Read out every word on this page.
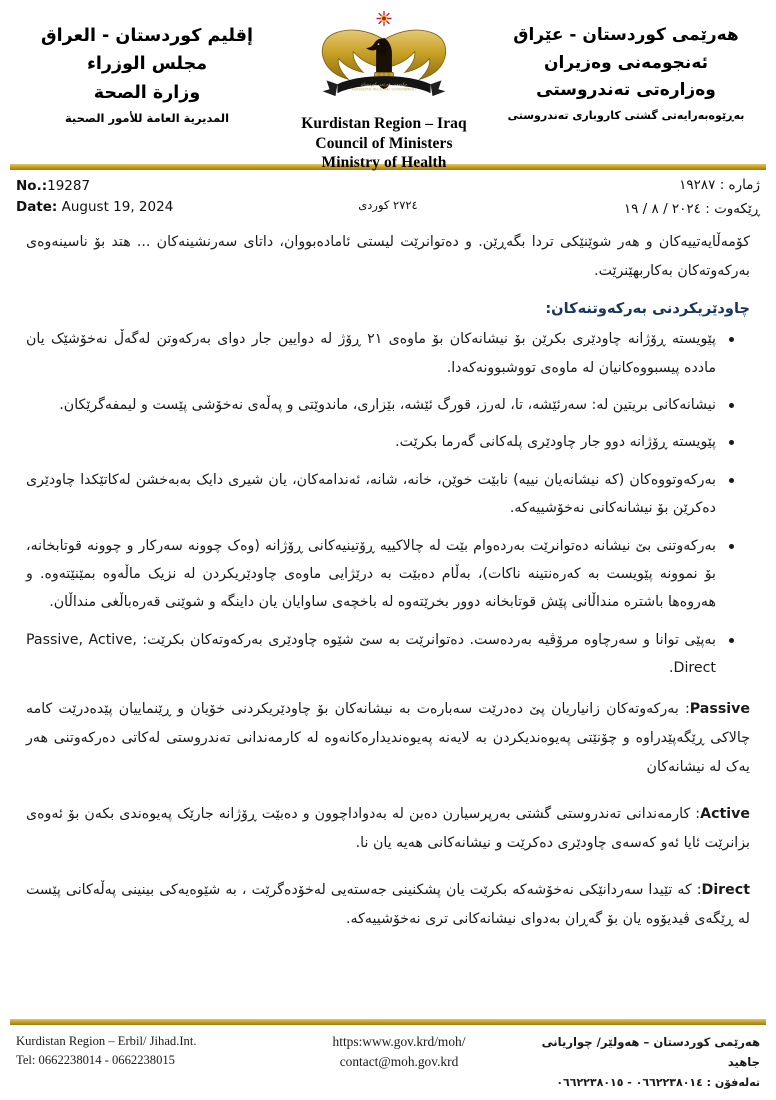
هەرێمی کوردستان - عێراق
ئەنجومەنی وەزیران
وەزارەتی تەندروستی
بەڕێوەبەرایەتی گشتی کاروباری تەندروستی
حکومەتی هەرێمی کوردستان
KURDISTAN REGIONAL GOVERNMENT
Kurdistan Region – Iraq
Council of Ministers
Ministry of Health
إقليم كوردستان - العراق
مجلس الوزراء
وزارة الصحة
المديرية العامة للأمور الصحية
No.:19287
Date: August 19, 2024	٢٧٢٤ کوردی
ژماره : ١٩٢٨٧
ڕێکەوت : ٢٠٢٤ / ٨ / ١٩

کۆمەڵایەتییەکان و هەر شوێنێکی تردا بگەڕێن. و دەتوانرێت لیستی ئامادەبووان، داتای سەرنشینەکان ... هتد بۆ ناسینەوەی بەرکەوتەکان بەکاربهێنرێت.

چاودێریکردنی بەرکەوتنەکان:
پێویسته ڕۆژانه چاودێری بکرێن بۆ نیشانەکان بۆ ماوەی ٢١ ڕۆژ له دوایین جار دوای بەرکەوتن لەگەڵ نەخۆشێک یان ماددە پیسبووەکانیان له ماوەی تووشبوونەکەدا.
نیشانەکانی بریتین له: سەرئێشه، تا، لەرز، قورگ ئێشه، بێزاری، ماندوێتی و پەڵەی نەخۆشی پێست و لیمفەگرێکان.
پێویسته ڕۆژانه دوو جار چاودێری پلەکانی گەرما بکرێت.
بەرکەوتووەکان (که نیشانەیان نییه) نابێت خوێن، خانه، شانه، ئەندامەکان، یان شیری دایک بەبەخشن لەکاتێکدا چاودێری دەکرێن بۆ نیشانەکانی نەخۆشییەکه.
بەرکەوتنی بێ نیشانه دەتوانرێت بەردەوام بێت له چالاکییه ڕۆتینیەکانی ڕۆژانه (وەک چوونه سەرکار و چوونه قوتابخانه، بۆ نموونه پێویست به کەرەنتینه ناکات)، بەڵام دەبێت به درێژایی ماوەی چاودێریکردن له نزیک ماڵەوه بمێنێتەوه. و هەروەها باشتره منداڵانی پێش قوتابخانه دوور بخرێتەوه له باخچەی ساوایان یان داینگه و شوێنی قەرەباڵغی منداڵان.
بەپێی توانا و سەرچاوه مرۆڤیه بەردەست. دەتوانرێت به سێ شێوه چاودێری بەرکەوتەکان بکرێت: Passive, Active, Direct.

Passive: بەرکەوتەکان زانیاریان پێ دەدرێت سەبارەت به نیشانەکان بۆ چاودێریکردنی خۆیان و ڕێنماییان پێدەدرێت کامه چالاکی ڕێگەپێدراوه و چۆنێتی پەیوەندیکردن به لایەنه پەیوەندیدارەکانەوه له کارمەندانی تەندروستی لەکاتی دەرکەوتنی هەر یەک له نیشانەکان

Active: کارمەندانی تەندروستی گشتی بەرپرسیارن دەبن له بەدواداچوون و دەبێت ڕۆژانه جارێک پەیوەندی بکەن بۆ ئەوەی بزانرێت ئایا ئەو کەسەی چاودێری دەکرێت و نیشانەکانی هەیه یان نا.

Direct: که تێیدا سەردانێکی نەخۆشەکه بکرێت یان پشکنینی جەستەیی لەخۆدەگرێت ، به شێوەیەکی بینینی پەڵەکانی پێست له ڕێگەی ڤیدیۆوه یان بۆ گەڕان بەدوای نیشانەکانی تری نەخۆشییەکه.

هەرێمی کوردستان – هەولێر/ چواریانی جاهید
تەلەفۆن : ٠٦٦٢٢٣٨٠١٤ - ٠٦٦٢٢٣٨٠١٥
https:www.gov.krd/moh/
contact@moh.gov.krd
Kurdistan Region – Erbil/ Jihad.Int.
Tel: 0662238014 - 0662238015
